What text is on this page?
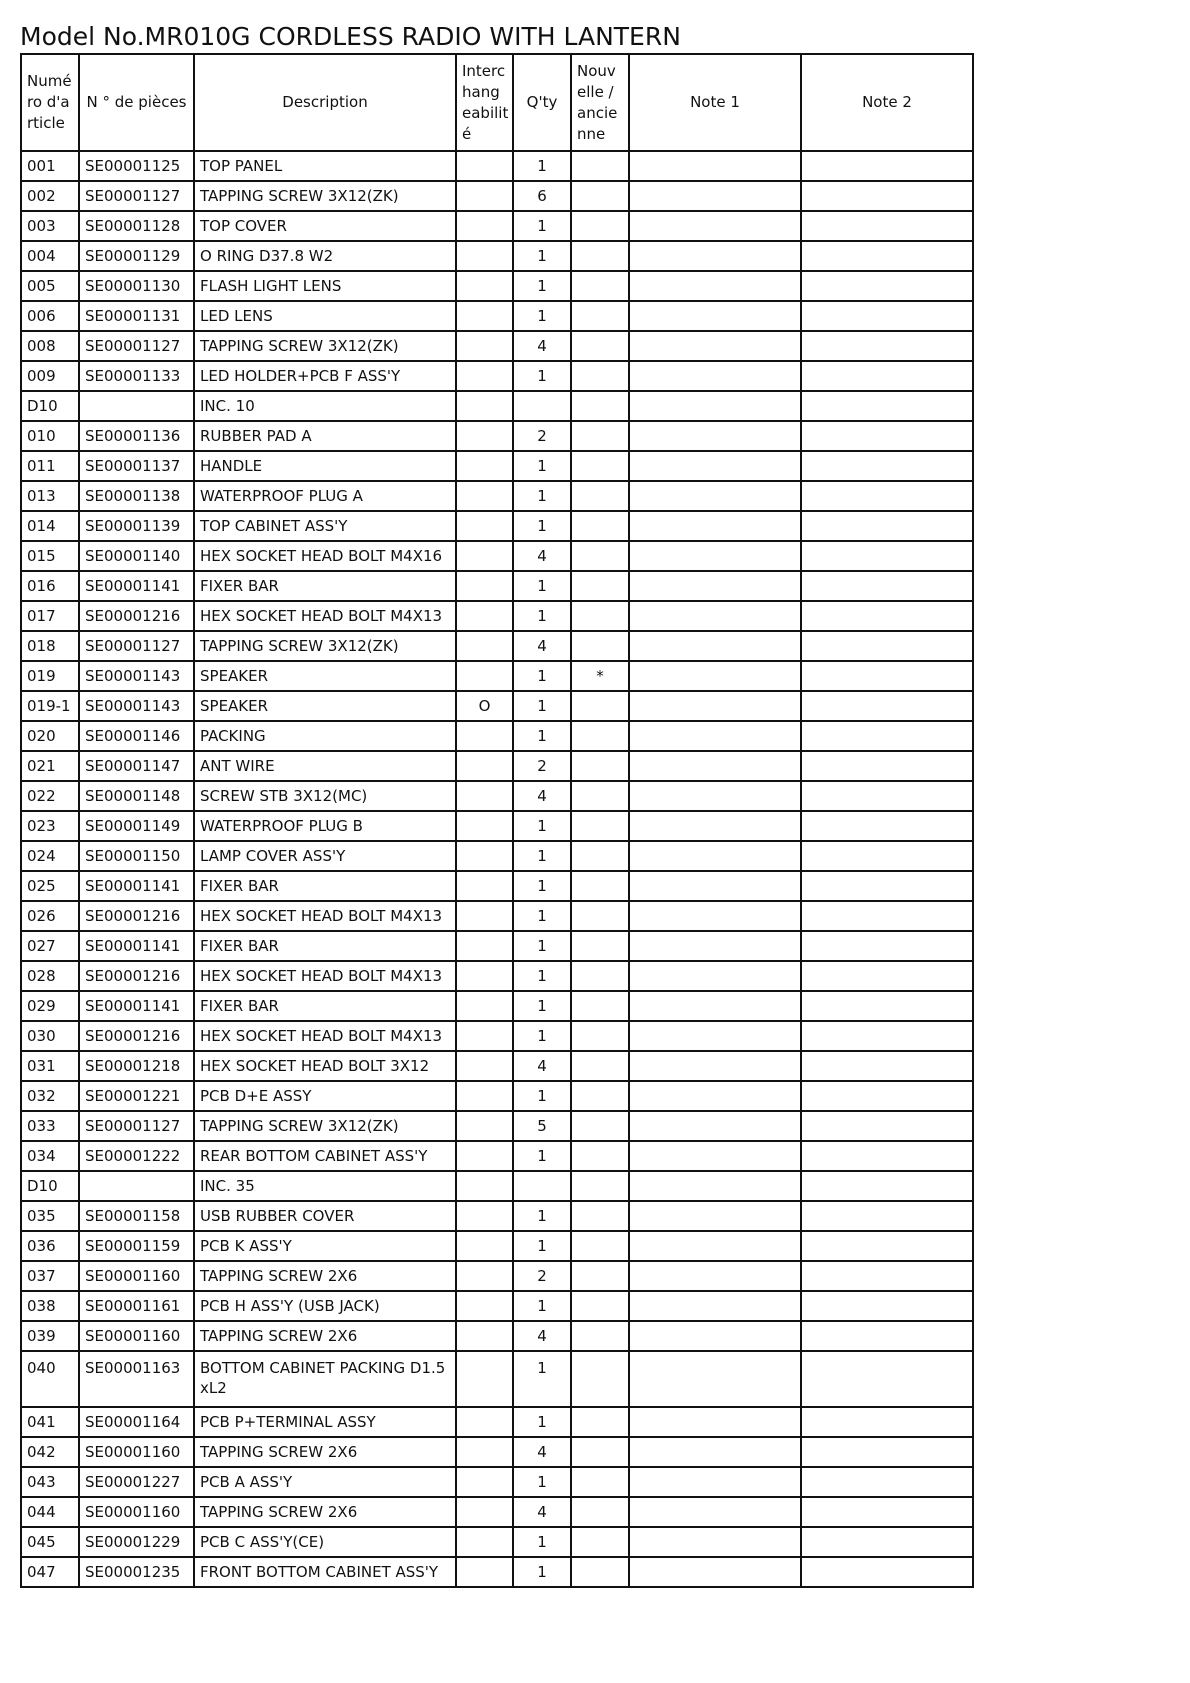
Model No.MR010G CORDLESS RADIO WITH LANTERN
Numé ro d'a rticle	N ° de pièces	Description	Interc hang eabilit é	Q'ty	Nouv elle / ancie nne	Note 1	Note 2
001	SE00001125	TOP PANEL		1			
002	SE00001127	TAPPING SCREW 3X12(ZK)		6			
003	SE00001128	TOP COVER		1			
004	SE00001129	O RING D37.8 W2		1			
005	SE00001130	FLASH LIGHT LENS		1			
006	SE00001131	LED LENS		1			
008	SE00001127	TAPPING SCREW 3X12(ZK)		4			
009	SE00001133	LED HOLDER+PCB F ASS'Y		1			
D10		INC. 10					
010	SE00001136	RUBBER PAD A		2			
011	SE00001137	HANDLE		1			
013	SE00001138	WATERPROOF PLUG A		1			
014	SE00001139	TOP CABINET ASS'Y		1			
015	SE00001140	HEX SOCKET HEAD BOLT M4X16		4			
016	SE00001141	FIXER BAR		1			
017	SE00001216	HEX SOCKET HEAD BOLT M4X13		1			
018	SE00001127	TAPPING SCREW 3X12(ZK)		4			
019	SE00001143	SPEAKER		1	*		
019-1	SE00001143	SPEAKER	O	1			
020	SE00001146	PACKING		1			
021	SE00001147	ANT WIRE		2			
022	SE00001148	SCREW STB 3X12(MC)		4			
023	SE00001149	WATERPROOF PLUG B		1			
024	SE00001150	LAMP COVER ASS'Y		1			
025	SE00001141	FIXER BAR		1			
026	SE00001216	HEX SOCKET HEAD BOLT M4X13		1			
027	SE00001141	FIXER BAR		1			
028	SE00001216	HEX SOCKET HEAD BOLT M4X13		1			
029	SE00001141	FIXER BAR		1			
030	SE00001216	HEX SOCKET HEAD BOLT M4X13		1			
031	SE00001218	HEX SOCKET HEAD BOLT 3X12		4			
032	SE00001221	PCB D+E ASSY		1			
033	SE00001127	TAPPING SCREW 3X12(ZK)		5			
034	SE00001222	REAR BOTTOM CABINET ASS'Y		1			
D10		INC. 35					
035	SE00001158	USB RUBBER COVER		1			
036	SE00001159	PCB K ASS'Y		1			
037	SE00001160	TAPPING SCREW 2X6		2			
038	SE00001161	PCB H ASS'Y (USB JACK)		1			
039	SE00001160	TAPPING SCREW 2X6		4			
040	SE00001163	BOTTOM CABINET PACKING D1.5xL2		1			
041	SE00001164	PCB P+TERMINAL ASSY		1			
042	SE00001160	TAPPING SCREW 2X6		4			
043	SE00001227	PCB A ASS'Y		1			
044	SE00001160	TAPPING SCREW 2X6		4			
045	SE00001229	PCB C ASS'Y(CE)		1			
047	SE00001235	FRONT BOTTOM CABINET ASS'Y		1			
